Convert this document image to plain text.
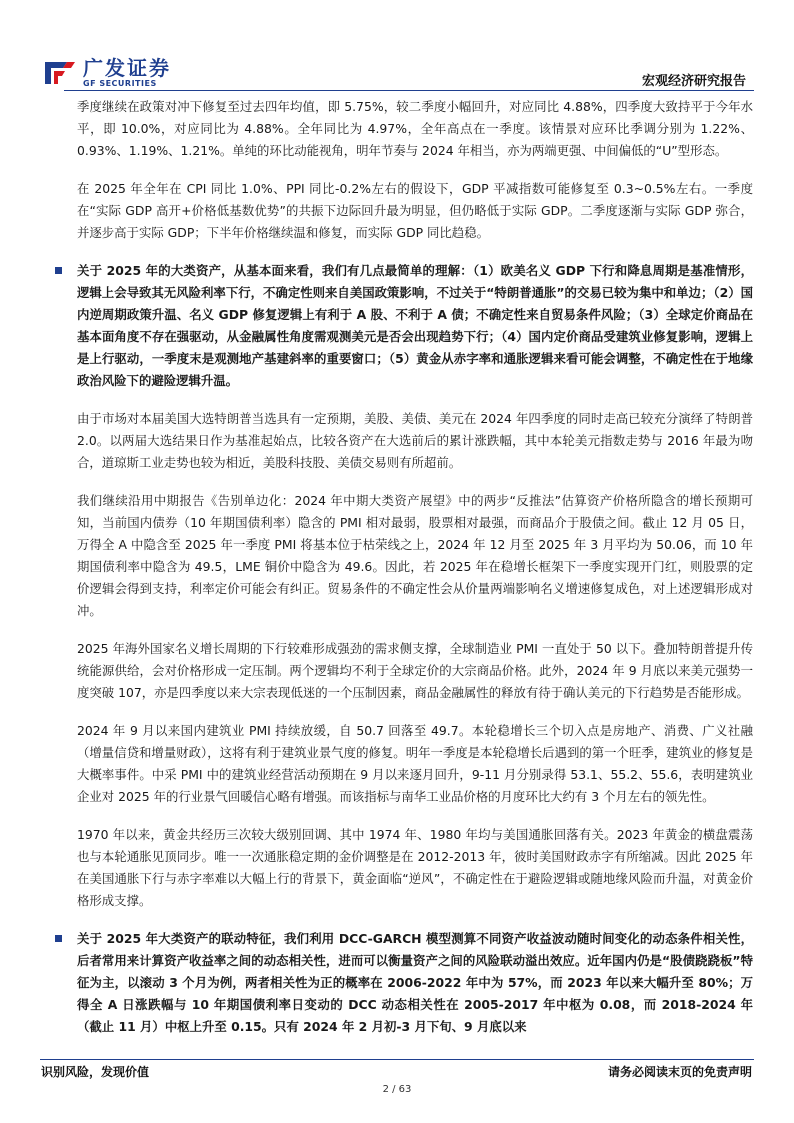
广发证券
GF SECURITIES	宏观经济研究报告

季度继续在政策对冲下修复至过去四年均值，即 5.75%，较二季度小幅回升，对应同比 4.88%，四季度大致持平于今年水平，即 10.0%，对应同比为 4.88%。全年同比为 4.97%，全年高点在一季度。该情景对应环比季调分别为 1.22%、0.93%、1.19%、1.21%。单纯的环比动能视角，明年节奏与 2024 年相当，亦为两端更强、中间偏低的“U”型形态。

在 2025 年全年在 CPI 同比 1.0%、PPI 同比-0.2%左右的假设下，GDP 平减指数可能修复至 0.3~0.5%左右。一季度在“实际 GDP 高开+价格低基数优势”的共振下边际回升最为明显，但仍略低于实际 GDP。二季度逐渐与实际 GDP 弥合，并逐步高于实际 GDP；下半年价格继续温和修复，而实际 GDP 同比趋稳。

关于 2025 年的大类资产，从基本面来看，我们有几点最简单的理解：（1）欧美名义 GDP 下行和降息周期是基准情形，逻辑上会导致其无风险利率下行，不确定性则来自美国政策影响，不过关于“特朗普通胀”的交易已较为集中和单边；（2）国内逆周期政策升温、名义 GDP 修复逻辑上有利于 A 股、不利于 A 债；不确定性来自贸易条件风险；（3）全球定价商品在基本面角度不存在强驱动，从金融属性角度需观测美元是否会出现趋势下行；（4）国内定价商品受建筑业修复影响，逻辑上是上行驱动，一季度末是观测地产基建斜率的重要窗口；（5）黄金从赤字率和通胀逻辑来看可能会调整，不确定性在于地缘政治风险下的避险逻辑升温。

由于市场对本届美国大选特朗普当选具有一定预期，美股、美债、美元在 2024 年四季度的同时走高已较充分演绎了特朗普 2.0。以两届大选结果日作为基准起始点，比较各资产在大选前后的累计涨跌幅，其中本轮美元指数走势与 2016 年最为吻合，道琼斯工业走势也较为相近，美股科技股、美债交易则有所超前。

我们继续沿用中期报告《告别单边化：2024 年中期大类资产展望》中的两步“反推法”估算资产价格所隐含的增长预期可知，当前国内债券（10 年期国债利率）隐含的 PMI 相对最弱，股票相对最强，而商品介于股债之间。截止 12 月 05 日，万得全 A 中隐含至 2025 年一季度 PMI 将基本位于枯荣线之上，2024 年 12 月至 2025 年 3 月平均为 50.06，而 10 年期国债利率中隐含为 49.5，LME 铜价中隐含为 49.6。因此，若 2025 年在稳增长框架下一季度实现开门红，则股票的定价逻辑会得到支持，利率定价可能会有纠正。贸易条件的不确定性会从价量两端影响名义增速修复成色，对上述逻辑形成对冲。

2025 年海外国家名义增长周期的下行较难形成强劲的需求侧支撑，全球制造业 PMI 一直处于 50 以下。叠加特朗普提升传统能源供给，会对价格形成一定压制。两个逻辑均不利于全球定价的大宗商品价格。此外，2024 年 9 月底以来美元强势一度突破 107，亦是四季度以来大宗表现低迷的一个压制因素，商品金融属性的释放有待于确认美元的下行趋势是否能形成。

2024 年 9 月以来国内建筑业 PMI 持续放缓，自 50.7 回落至 49.7。本轮稳增长三个切入点是房地产、消费、广义社融（增量信贷和增量财政），这将有利于建筑业景气度的修复。明年一季度是本轮稳增长后遇到的第一个旺季，建筑业的修复是大概率事件。中采 PMI 中的建筑业经营活动预期在 9 月以来逐月回升，9-11 月分别录得 53.1、55.2、55.6，表明建筑业企业对 2025 年的行业景气回暖信心略有增强。而该指标与南华工业品价格的月度环比大约有 3 个月左右的领先性。

1970 年以来，黄金共经历三次较大级别回调、其中 1974 年、1980 年均与美国通胀回落有关。2023 年黄金的横盘震荡也与本轮通胀见顶同步。唯一一次通胀稳定期的金价调整是在 2012-2013 年，彼时美国财政赤字有所缩减。因此 2025 年在美国通胀下行与赤字率难以大幅上行的背景下，黄金面临“逆风”，不确定性在于避险逻辑或随地缘风险而升温，对黄金价格形成支撑。

关于 2025 年大类资产的联动特征，我们利用 DCC-GARCH 模型测算不同资产收益波动随时间变化的动态条件相关性，后者常用来计算资产收益率之间的动态相关性，进而可以衡量资产之间的风险联动溢出效应。近年国内仍是“股债跷跷板”特征为主，以滚动 3 个月为例，两者相关性为正的概率在 2006-2022 年中为 57%，而 2023 年以来大幅升至 80%；万得全 A 日涨跌幅与 10 年期国债利率日变动的 DCC 动态相关性在 2005-2017 年中枢为 0.08，而 2018-2024 年（截止 11 月）中枢上升至 0.15。只有 2024 年 2 月初-3 月下旬、9 月底以来

识别风险，发现价值	请务必阅读末页的免责声明
2 / 63
